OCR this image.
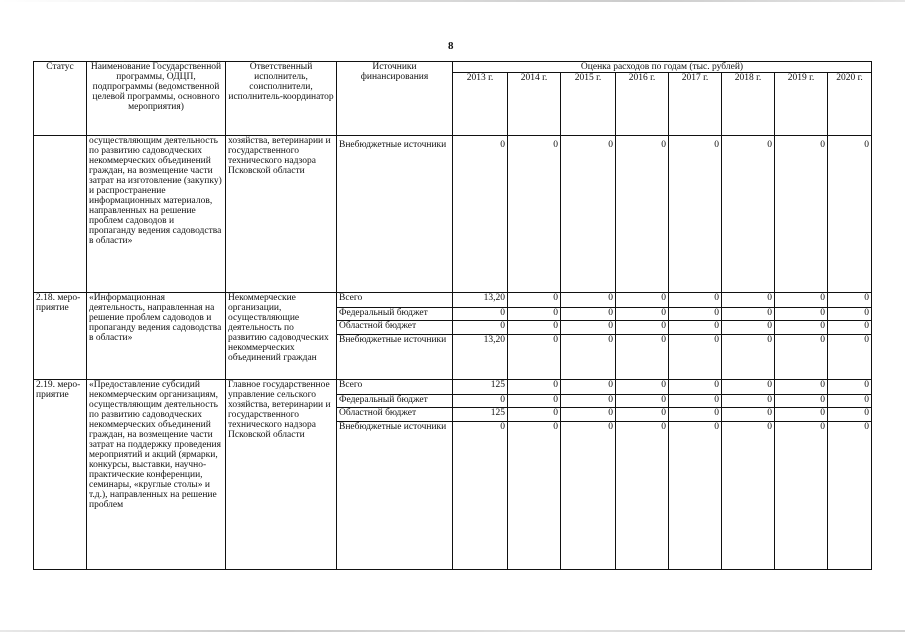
8
Статус	Наименование Государственной программы, ОДЦП, подпрограммы (ведомственной целевой программы, основного мероприятия)	Ответственный исполнитель, соисполнители, исполнитель-координатор	Источники финансирования	Оценка расходов по годам (тыс. рублей)							
				2013 г.	2014 г.	2015 г.	2016 г.	2017 г.	2018 г.	2019 г.	2020 г.
	осуществляющим деятельность по развитию садоводческих некоммерческих объединений граждан, на возмещение части затрат на изготовление (закупку) и распространение информационных материалов, направленных на решение проблем садоводов и пропаганду ведения садоводства в области»	хозяйства, ветеринарии и государственного технического надзора Псковской области	Внебюджетные источники	0	0	0	0	0	0	0	0
2.18. меро-приятие	«Информационная деятельность, направленная на решение проблем садоводов и пропаганду ведения садоводства в области»	Некоммерческие организации, осуществляющие деятельность по развитию садоводческих некоммерческих объединений граждан	Всего	13,20	0	0	0	0	0	0	0
			Федеральный бюджет	0	0	0	0	0	0	0	0
			Областной бюджет	0	0	0	0	0	0	0	0
			Внебюджетные источники	13,20	0	0	0	0	0	0	0
2.19. меро-приятие	«Предоставление субсидий некоммерческим организациям, осуществляющим деятельность по развитию садоводческих некоммерческих объединений граждан, на возмещение части затрат на поддержку проведения мероприятий и акций (ярмарки, конкурсы, выставки, научно-практические конференции, семинары, «круглые столы» и т.д.), направленных на решение проблем	Главное государственное управление сельского хозяйства, ветеринарии и государственного технического надзора Псковской области	Всего	125	0	0	0	0	0	0	0
			Федеральный бюджет	0	0	0	0	0	0	0	0
			Областной бюджет	125	0	0	0	0	0	0	0
			Внебюджетные источники	0	0	0	0	0	0	0	0
